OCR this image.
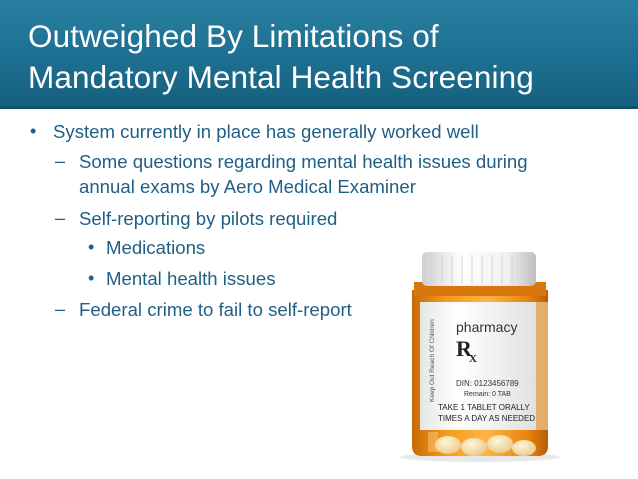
Outweighed By Limitations of
Mandatory Mental Health Screening
• System currently in place has generally worked well
– Some questions regarding mental health issues during
annual exams by Aero Medical Examiner
– Self-reporting by pilots required
• Medications
• Mental health issues
– Federal crime to fail to self-report
Keep Out Reach Of Children pharmacy
R
X
DIN: 0123456789
Remain: 0 TAB
TAKE 1 TABLET ORALLY
TIMES A DAY AS NEEDED
